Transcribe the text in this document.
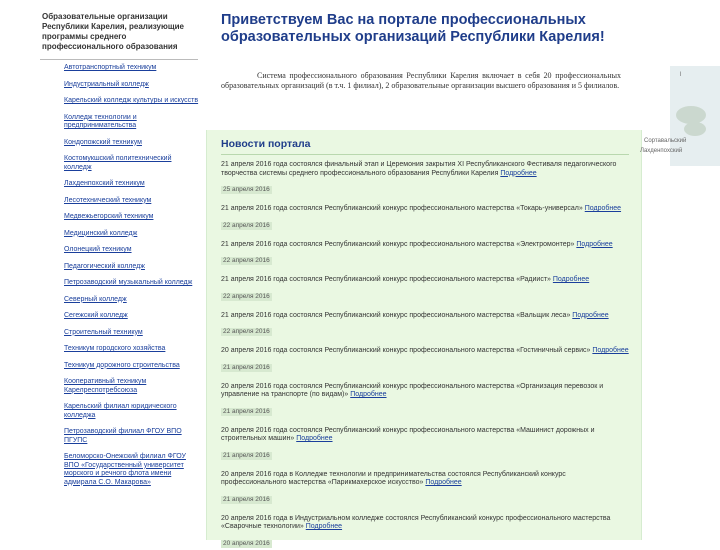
Образовательные организации Республики Карелия, реализующие программы среднего профессионального образования
Автотранспортный техникум
Индустриальный колледж
Карельский колледж культуры и искусств
Колледж технологии и предпринимательства
Кондопожский техникум
Костомукшский политехнический колледж
Лахденпохский техникум
Лесотехнический техникум
Медвежьегорский техникум
Медицинский колледж
Олонецкий техникум
Педагогический колледж
Петрозаводский музыкальный колледж
Северный колледж
Сегежский колледж
Строительный техникум
Техникум городского хозяйства
Техникум дорожного строительства
Кооперативный техникум Карелреспотребсоюза
Карельский филиал юридического колледжа
Петрозаводский филиал ФГОУ ВПО ПГУПС
Беломорско-Онежский филиал ФГОУ ВПО «Государственный университет морского и речного флота имени адмирала С.О. Макарова»
Приветствуем Вас на портале профессиональных образовательных организаций Республики Карелия!
Система профессионального образования Республики Карелия включает в себя 20 профессиональных образовательных организаций (в т.ч. 1 филиал), 2 образовательные организации высшего образования и 5 филиалов.
Новости портала
21 апреля 2016 года состоялся финальный этап и Церемония закрытия XI Республиканского Фестиваля педагогического творчества системы среднего профессионального образования Республики Карелия Подробнее
25 апреля 2016
21 апреля 2016 года состоялся Республиканский конкурс профессионального мастерства «Токарь-универсал» Подробнее
22 апреля 2016
21 апреля 2016 года состоялся Республиканский конкурс профессионального мастерства «Электромонтер» Подробнее
22 апреля 2016
21 апреля 2016 года состоялся Республиканский конкурс профессионального мастерства «Радиист» Подробнее
22 апреля 2016
21 апреля 2016 года состоялся Республиканский конкурс профессионального мастерства «Вальщик леса» Подробнее
22 апреля 2016
20 апреля 2016 года состоялся Республиканский конкурс профессионального мастерства «Гостиничный сервис» Подробнее
21 апреля 2016
20 апреля 2016 года состоялся Республиканский конкурс профессионального мастерства «Организация перевозок и управление на транспорте (по видам)» Подробнее
21 апреля 2016
20 апреля 2016 года состоялся Республиканский конкурс профессионального мастерства «Машинист дорожных и строительных машин» Подробнее
21 апреля 2016
20 апреля 2016 года в Колледже технологии и предпринимательства состоялся Республиканский конкурс профессионального мастерства «Парикмахерское искусство» Подробнее
21 апреля 2016
20 апреля 2016 года в Индустриальном колледже состоялся Республиканский конкурс профессионального мастерства «Сварочные технологии» Подробнее
20 апреля 2016
l
Сортавальский
Лахденпохский
